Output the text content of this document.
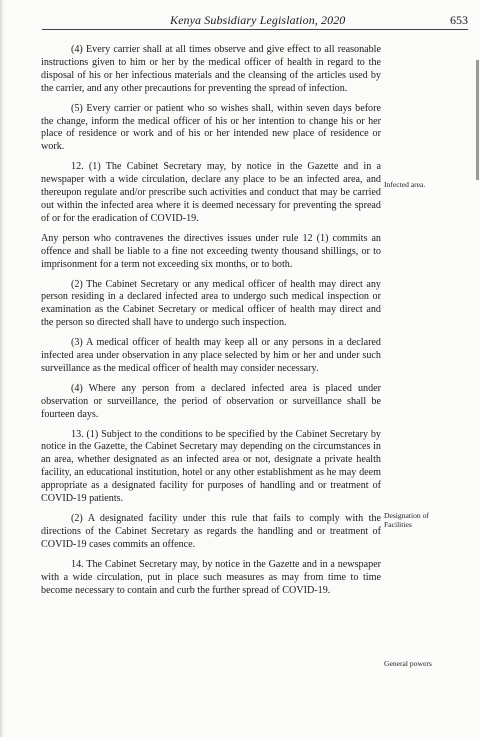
Kenya Subsidiary Legislation, 2020	653

(4) Every carrier shall at all times observe and give effect to all reasonable instructions given to him or her by the medical officer of health in regard to the disposal of his or her infectious materials and the cleansing of the articles used by the carrier, and any other precautions for preventing the spread of infection.

(5) Every carrier or patient who so wishes shall, within seven days before the change, inform the medical officer of his or her intention to change his or her place of residence or work and of his or her intended new place of residence or work.

12. (1) The Cabinet Secretary may, by notice in the Gazette and in a newspaper with a wide circulation, declare any place to be an infected area, and thereupon regulate and/or prescribe such activities and conduct that may be carried out within the infected area where it is deemed necessary for preventing the spread of or for the eradication of COVID-19.

Any person who contravenes the directives issues under rule 12 (1) commits an offence and shall be liable to a fine not exceeding twenty thousand shillings, or to imprisonment for a term not exceeding six months, or to both.

(2) The Cabinet Secretary or any medical officer of health may direct any person residing in a declared infected area to undergo such medical inspection or examination as the Cabinet Secretary or medical officer of health may direct and the person so directed shall have to undergo such inspection.

(3) A medical officer of health may keep all or any persons in a declared infected area under observation in any place selected by him or her and under such surveillance as the medical officer of health may consider necessary.

(4) Where any person from a declared infected area is placed under observation or surveillance, the period of observation or surveillance shall be fourteen days.

13. (1) Subject to the conditions to be specified by the Cabinet Secretary by notice in the Gazette, the Cabinet Secretary may depending on the circumstances in an area, whether designated as an infected area or not, designate a private health facility, an educational institution, hotel or any other establishment as he may deem appropriate as a designated facility for purposes of handling and or treatment of COVID-19 patients.

(2) A designated facility under this rule that fails to comply with the directions of the Cabinet Secretary as regards the handling and or treatment of COVID-19 cases commits an offence.

14. The Cabinet Secretary may, by notice in the Gazette and in a newspaper with a wide circulation, put in place such measures as may from time to time become necessary to contain and curb the further spread of COVID-19.

Infected area.
Designation of
Facilities
General powers
